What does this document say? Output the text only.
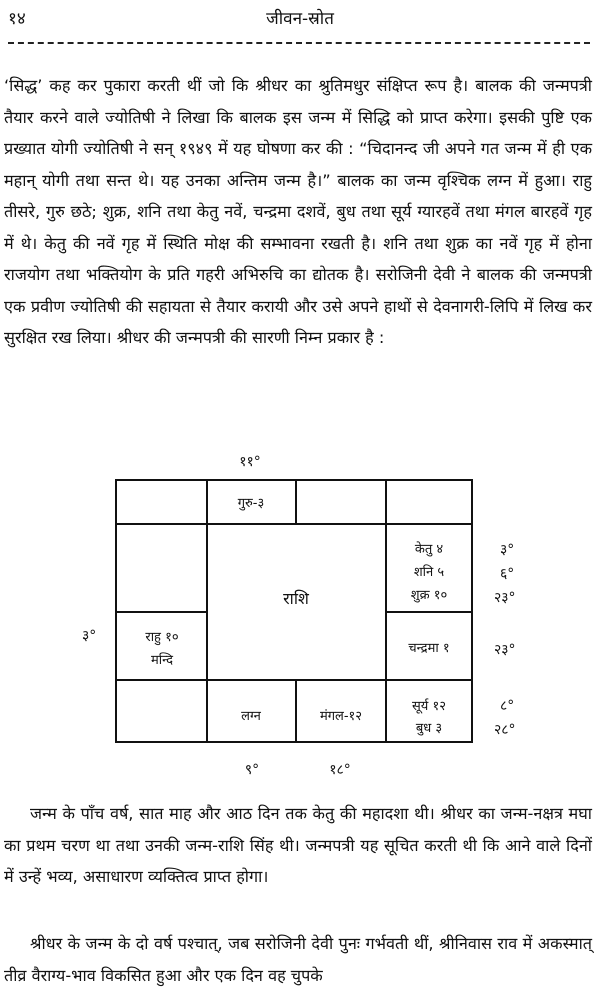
१४	जीवन-स्रोत

‘सिद्ध’ कह कर पुकारा करती थीं जो कि श्रीधर का श्रुतिमधुर संक्षिप्त रूप है। बालक की जन्मपत्री तैयार करने वाले ज्योतिषी ने लिखा कि बालक इस जन्म में सिद्धि को प्राप्त करेगा। इसकी पुष्टि एक प्रख्यात योगी ज्योतिषी ने सन् १९४९ में यह घोषणा कर की : “चिदानन्द जी अपने गत जन्म में ही एक महान् योगी तथा सन्त थे। यह उनका अन्तिम जन्म है।” बालक का जन्म वृश्चिक लग्न में हुआ। राहु तीसरे, गुरु छठे; शुक्र, शनि तथा केतु नवें, चन्द्रमा दशवें, बुध तथा सूर्य ग्यारहवें तथा मंगल बारहवें गृह में थे। केतु की नवें गृह में स्थिति मोक्ष की सम्भावना रखती है। शनि तथा शुक्र का नवें गृह में होना राजयोग तथा भक्तियोग के प्रति गहरी अभिरुचि का द्योतक है। सरोजिनी देवी ने बालक की जन्मपत्री एक प्रवीण ज्योतिषी की सहायता से तैयार करायी और उसे अपने हाथों से देवनागरी-लिपि में लिख कर सुरक्षित रख लिया। श्रीधर की जन्मपत्री की सारणी निम्न प्रकार है :

११°
गुरु-३
राशि
केतु ४
शनि ५
शुक्र १०
राहु १०
मन्दि
चन्द्रमा १
लग्न	मंगल-१२
सूर्य १२
बुध ३
३°
६°
२३°
२३°
८°
२८°
३°
९°	१८°

जन्म के पाँच वर्ष, सात माह और आठ दिन तक केतु की महादशा थी। श्रीधर का जन्म-नक्षत्र मघा का प्रथम चरण था तथा उनकी जन्म-राशि सिंह थी। जन्मपत्री यह सूचित करती थी कि आने वाले दिनों में उन्हें भव्य, असाधारण व्यक्तित्व प्राप्त होगा।

श्रीधर के जन्म के दो वर्ष पश्चात्, जब सरोजिनी देवी पुनः गर्भवती थीं, श्रीनिवास राव में अकस्मात् तीव्र वैराग्य-भाव विकसित हुआ और एक दिन वह चुपके
